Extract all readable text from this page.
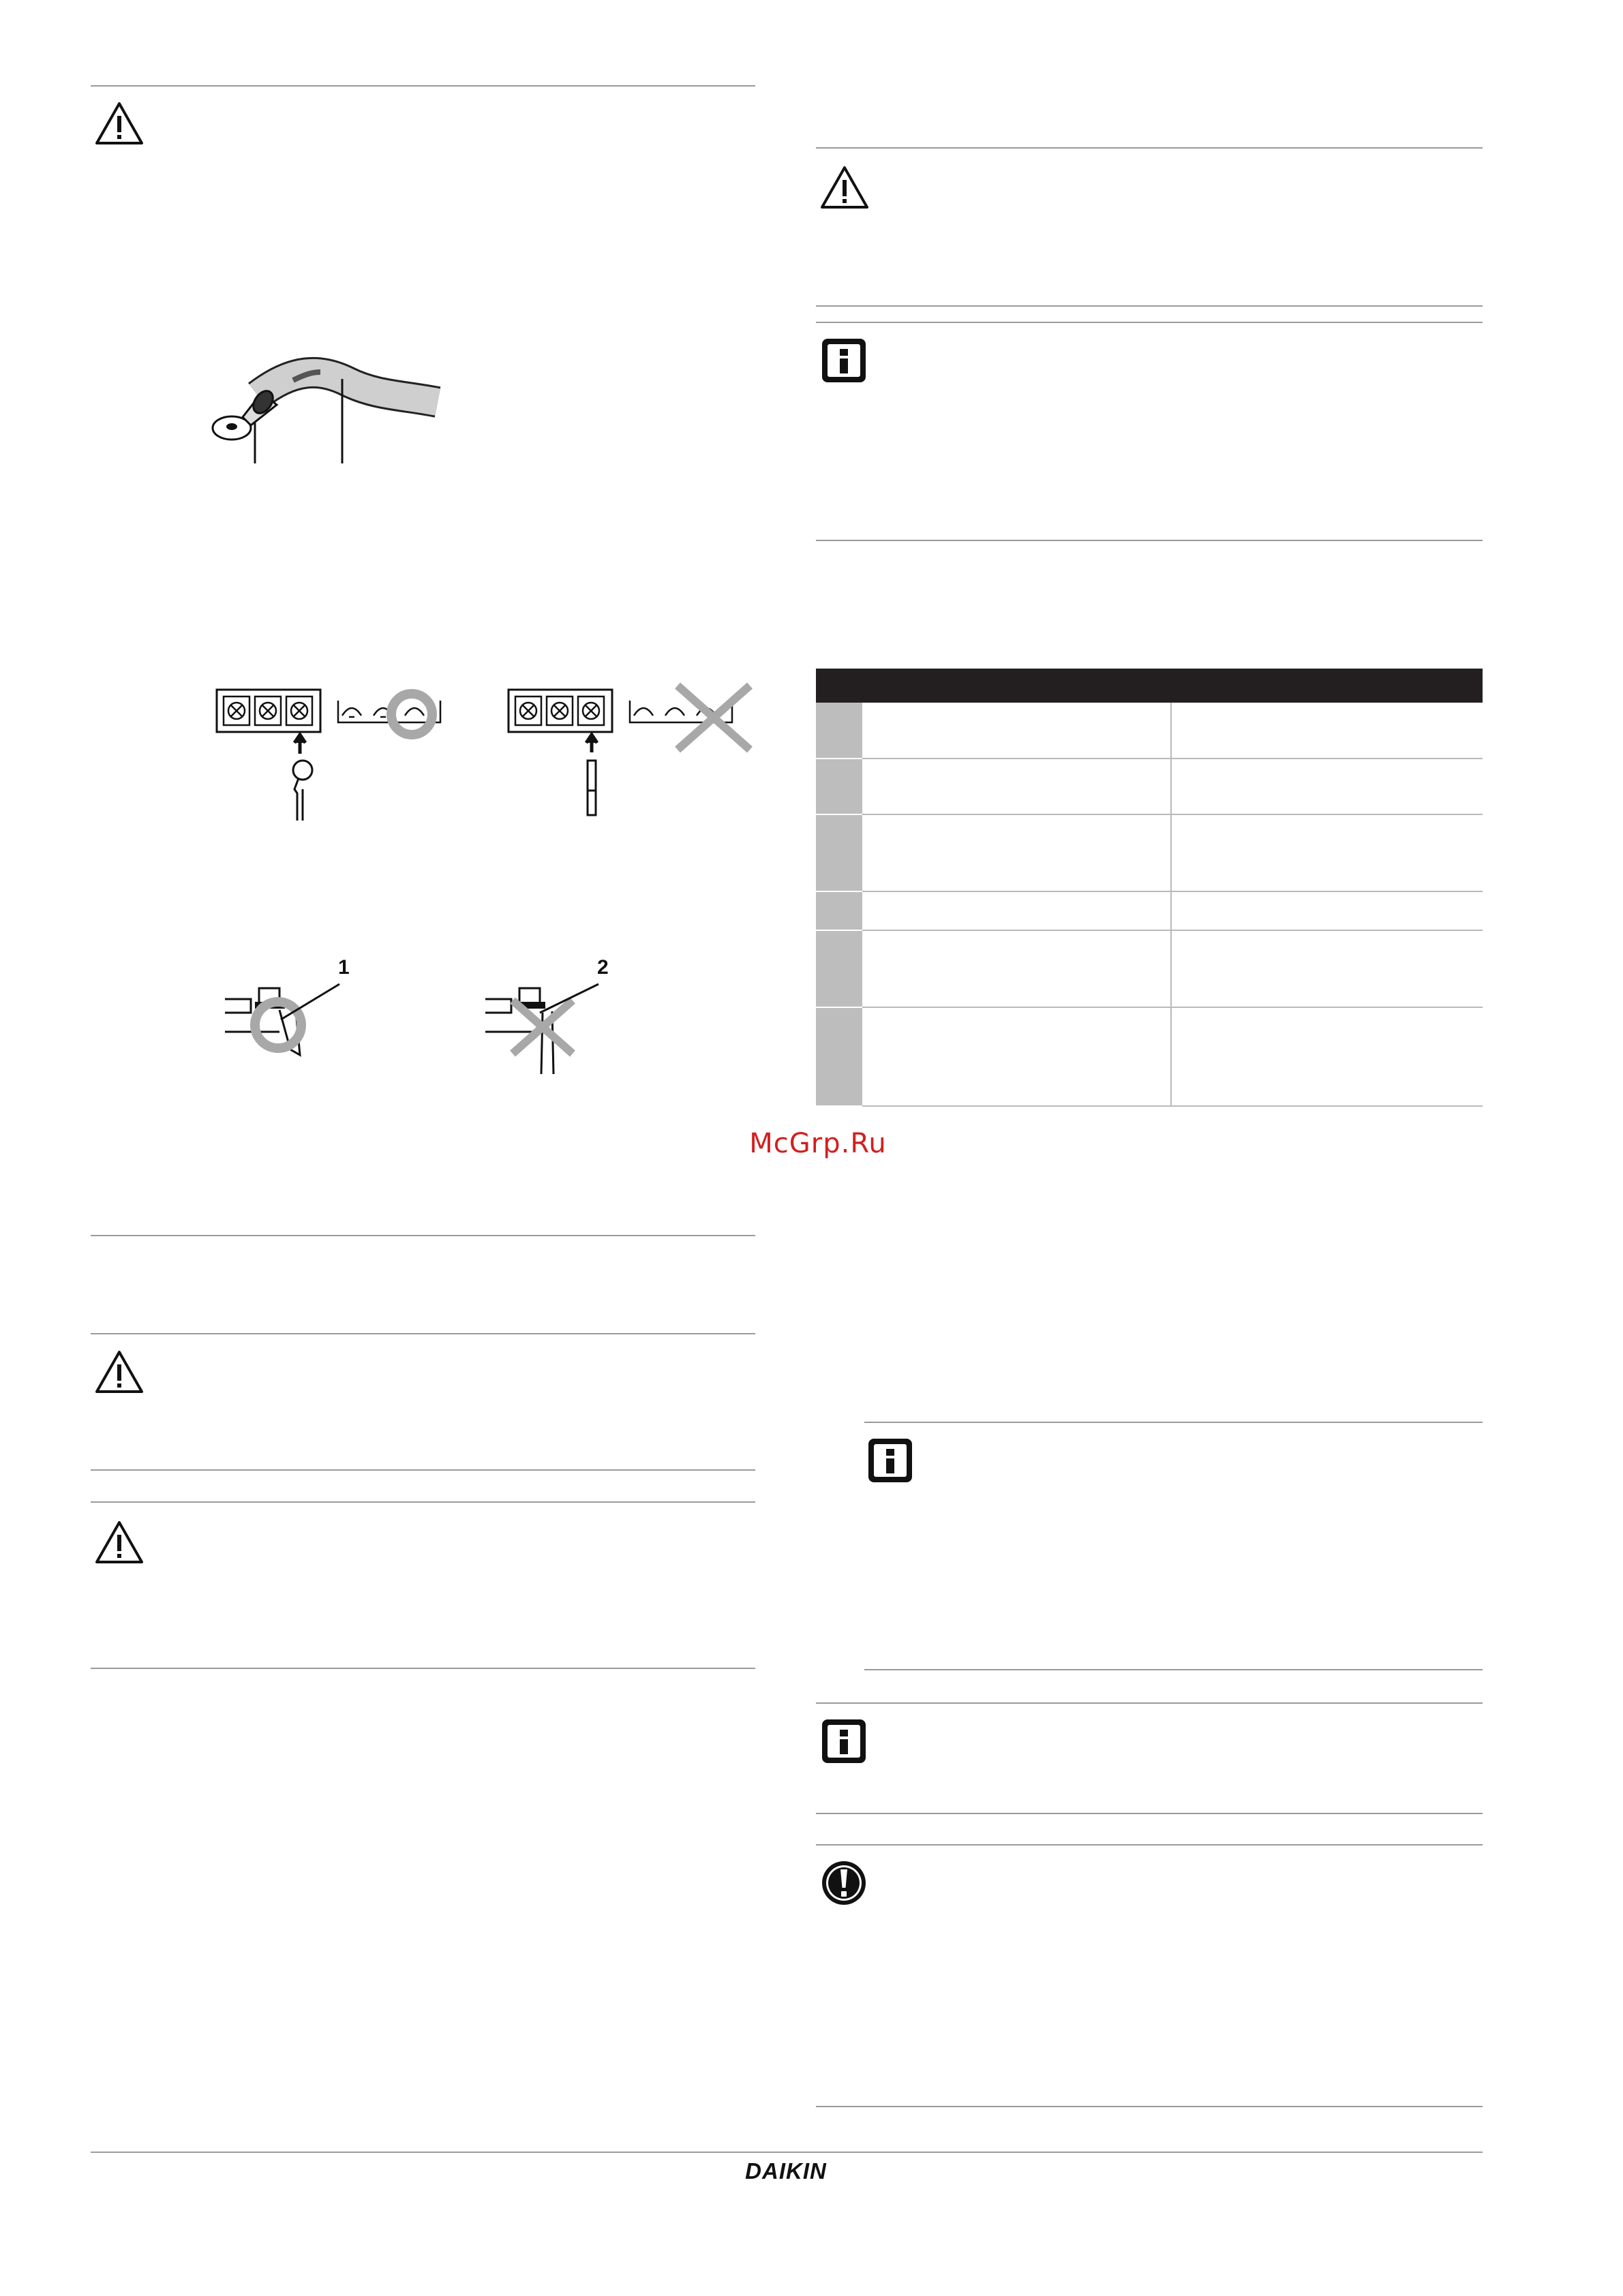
1	2

McGrp.Ru
DAIKIN
